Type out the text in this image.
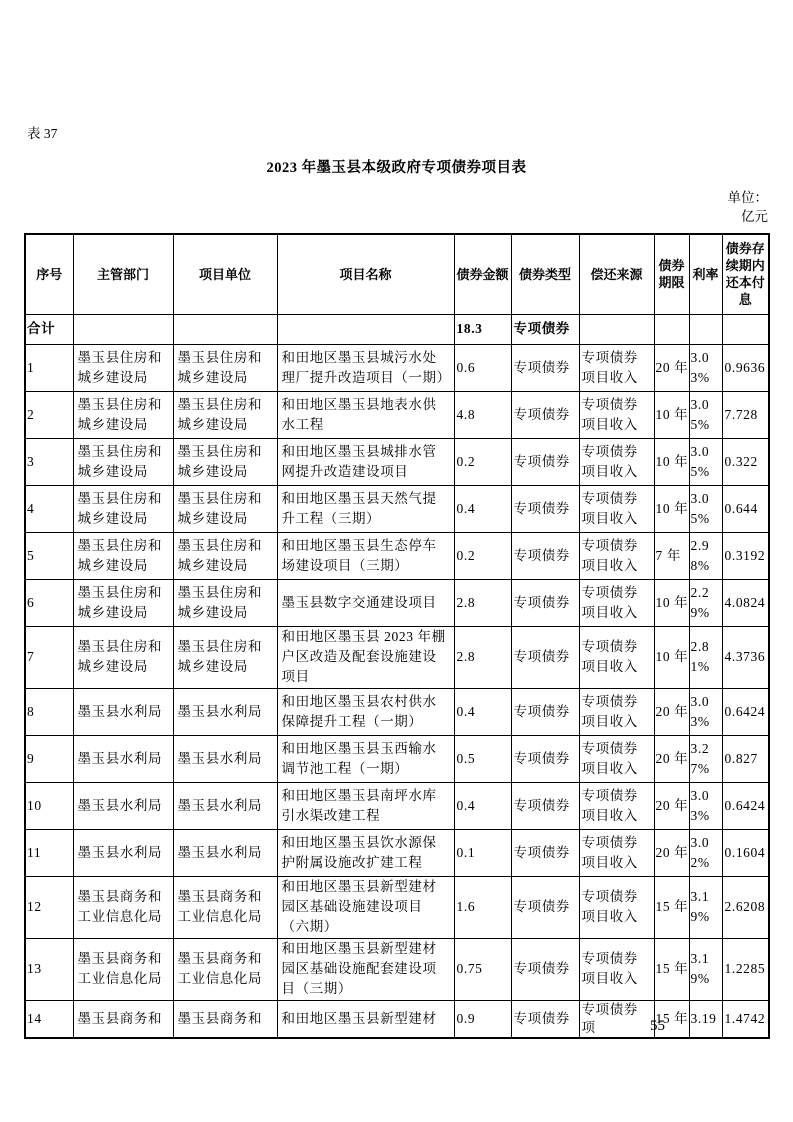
表 37
2023 年墨玉县本级政府专项债券项目表
单位：
亿元
序号	主管部门	项目单位	项目名称	债券金额	债券类型	偿还来源	债券期限	利率	债券存续期内还本付息
合计				18.3	专项债券				
1	墨玉县住房和城乡建设局	墨玉县住房和城乡建设局	和田地区墨玉县城污水处理厂提升改造项目（一期）	0.6	专项债券	专项债券项目收入	20 年	3.03%	0.9636
2	墨玉县住房和城乡建设局	墨玉县住房和城乡建设局	和田地区墨玉县地表水供水工程	4.8	专项债券	专项债券项目收入	10 年	3.05%	7.728
3	墨玉县住房和城乡建设局	墨玉县住房和城乡建设局	和田地区墨玉县城排水管网提升改造建设项目	0.2	专项债券	专项债券项目收入	10 年	3.05%	0.322
4	墨玉县住房和城乡建设局	墨玉县住房和城乡建设局	和田地区墨玉县天然气提升工程（三期）	0.4	专项债券	专项债券项目收入	10 年	3.05%	0.644
5	墨玉县住房和城乡建设局	墨玉县住房和城乡建设局	和田地区墨玉县生态停车场建设项目（三期）	0.2	专项债券	专项债券项目收入	7 年	2.98%	0.3192
6	墨玉县住房和城乡建设局	墨玉县住房和城乡建设局	墨玉县数字交通建设项目	2.8	专项债券	专项债券项目收入	10 年	2.29%	4.0824
7	墨玉县住房和城乡建设局	墨玉县住房和城乡建设局	和田地区墨玉县 2023 年棚户区改造及配套设施建设项目	2.8	专项债券	专项债券项目收入	10 年	2.81%	4.3736
8	墨玉县水利局	墨玉县水利局	和田地区墨玉县农村供水保障提升工程（一期）	0.4	专项债券	专项债券项目收入	20 年	3.03%	0.6424
9	墨玉县水利局	墨玉县水利局	和田地区墨玉县玉西输水调节池工程（一期）	0.5	专项债券	专项债券项目收入	20 年	3.27%	0.827
10	墨玉县水利局	墨玉县水利局	和田地区墨玉县南坪水库引水渠改建工程	0.4	专项债券	专项债券项目收入	20 年	3.03%	0.6424
11	墨玉县水利局	墨玉县水利局	和田地区墨玉县饮水源保护附属设施改扩建工程	0.1	专项债券	专项债券项目收入	20 年	3.02%	0.1604
12	墨玉县商务和工业信息化局	墨玉县商务和工业信息化局	和田地区墨玉县新型建材园区基础设施建设项目（六期）	1.6	专项债券	专项债券项目收入	15 年	3.19%	2.6208
13	墨玉县商务和工业信息化局	墨玉县商务和工业信息化局	和田地区墨玉县新型建材园区基础设施配套建设项目（三期）	0.75	专项债券	专项债券项目收入	15 年	3.19%	1.2285
14	墨玉县商务和	墨玉县商务和	和田地区墨玉县新型建材	0.9	专项债券	专项债券项	15 年	3.19	1.4742
55
